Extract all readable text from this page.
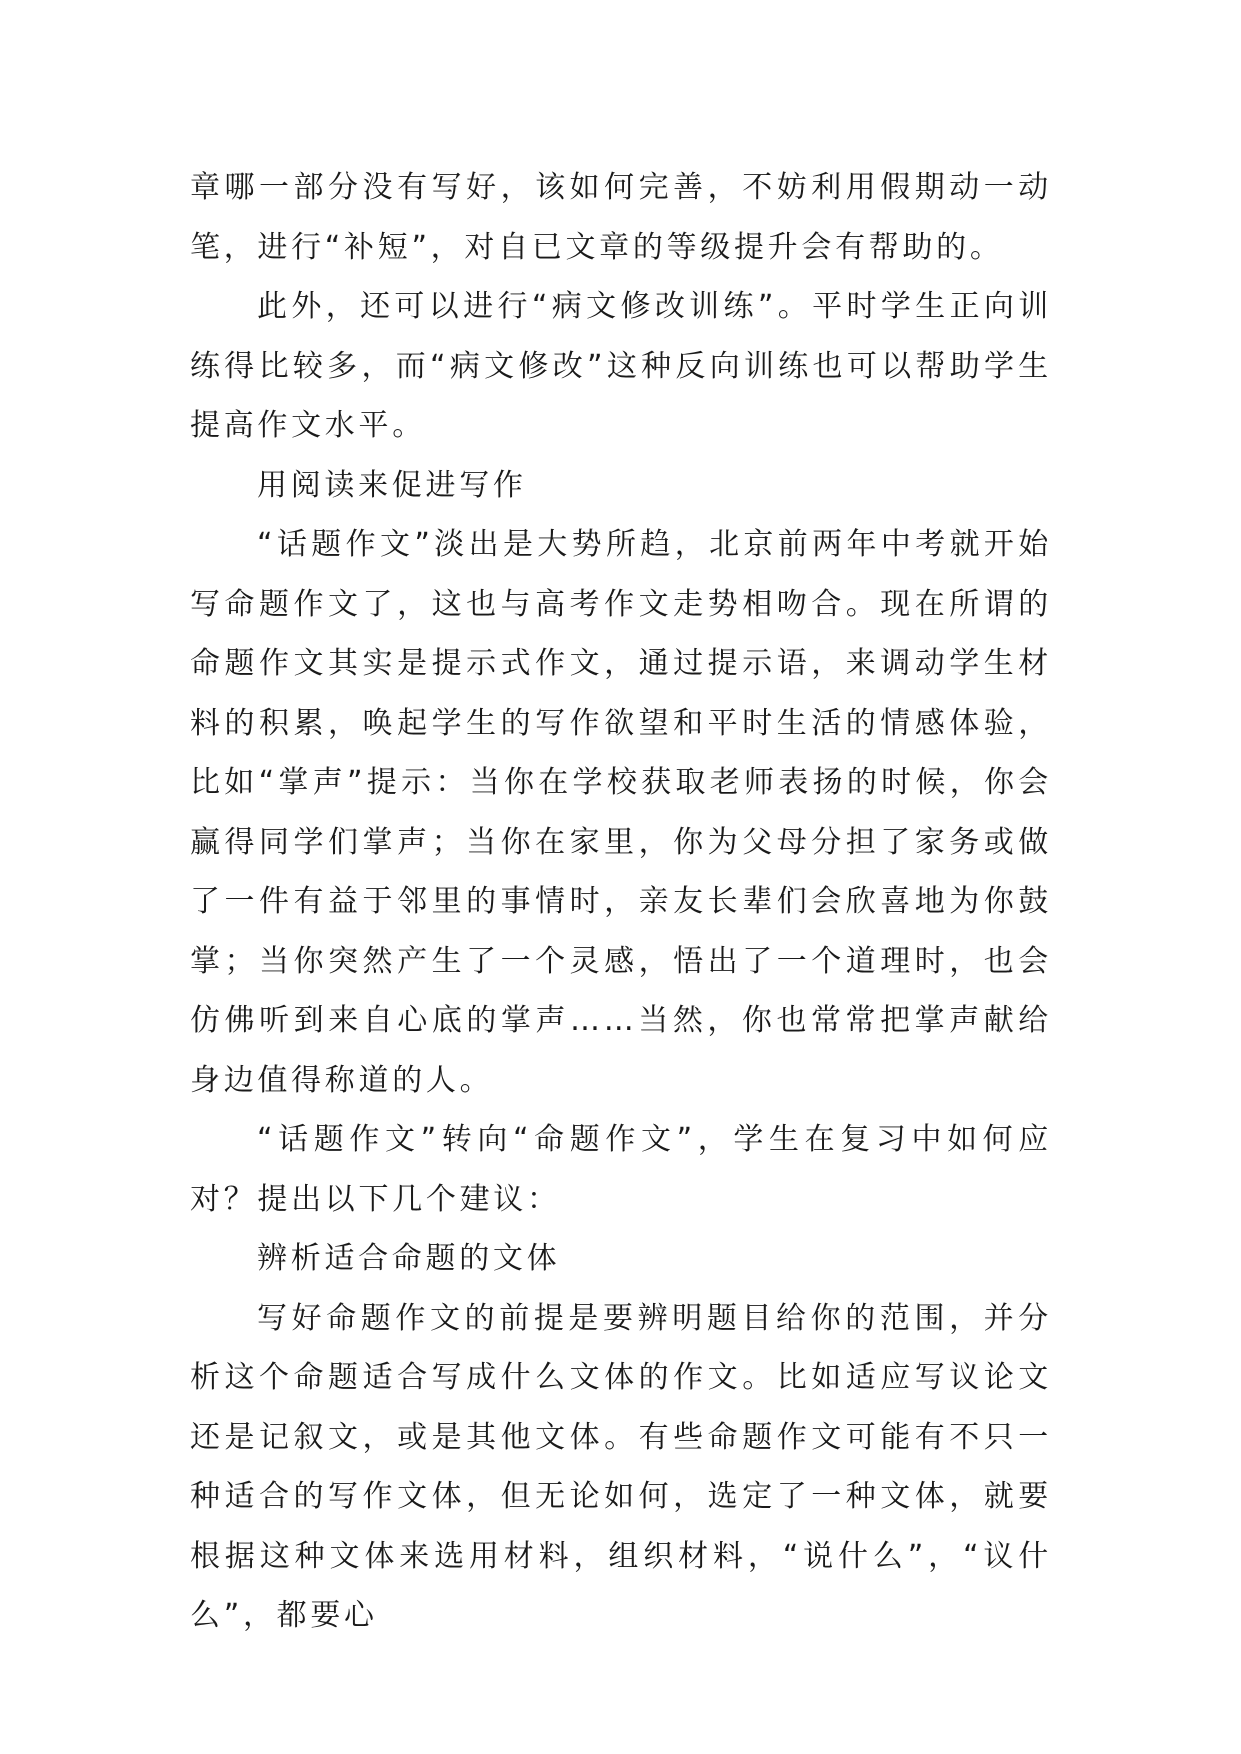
章哪一部分没有写好，该如何完善，不妨利用假期动一动笔，进行“补短”，对自已文章的等级提升会有帮助的。

此外，还可以进行“病文修改训练”。平时学生正向训练得比较多，而“病文修改”这种反向训练也可以帮助学生提高作文水平。

用阅读来促进写作

“话题作文”淡出是大势所趋，北京前两年中考就开始写命题作文了，这也与高考作文走势相吻合。现在所谓的命题作文其实是提示式作文，通过提示语，来调动学生材料的积累，唤起学生的写作欲望和平时生活的情感体验，比如“掌声”提示：当你在学校获取老师表扬的时候，你会赢得同学们掌声；当你在家里，你为父母分担了家务或做了一件有益于邻里的事情时，亲友长辈们会欣喜地为你鼓掌；当你突然产生了一个灵感，悟出了一个道理时，也会仿佛听到来自心底的掌声……当然，你也常常把掌声献给身边值得称道的人。

“话题作文”转向“命题作文”，学生在复习中如何应对？提出以下几个建议：

辨析适合命题的文体

写好命题作文的前提是要辨明题目给你的范围，并分析这个命题适合写成什么文体的作文。比如适应写议论文还是记叙文，或是其他文体。有些命题作文可能有不只一种适合的写作文体，但无论如何，选定了一种文体，就要根据这种文体来选用材料，组织材料，“说什么”，“议什么”，都要心
